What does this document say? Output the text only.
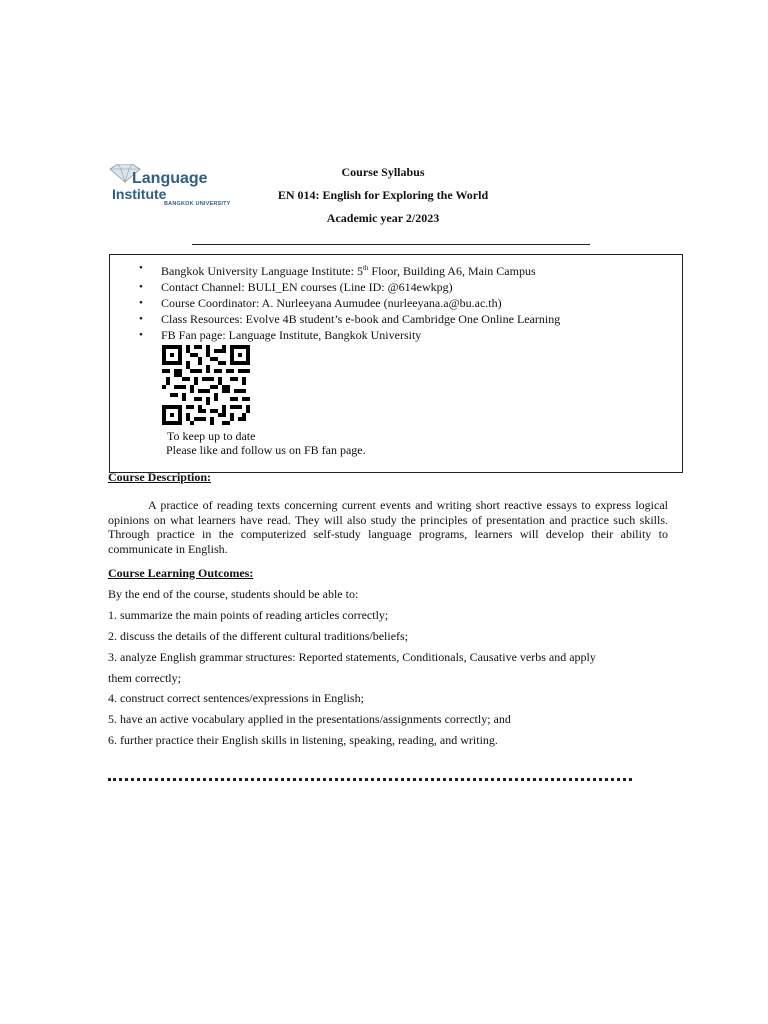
Language
Institute
BANGKOK UNIVERSITY
Course Syllabus
EN 014: English for Exploring the World
Academic year 2/2023
• Bangkok University Language Institute: 5th Floor, Building A6, Main Campus
• Contact Channel: BULI_EN courses (Line ID: @614ewkpg)
• Course Coordinator: A. Nurleeyana Aumudee (nurleeyana.a@bu.ac.th)
• Class Resources: Evolve 4B student’s e-book and Cambridge One Online Learning
• FB Fan page: Language Institute, Bangkok University
To keep up to date
Please like and follow us on FB fan page.
Course Description:
A practice of reading texts concerning current events and writing short reactive essays to express logical opinions on what learners have read. They will also study the principles of presentation and practice such skills. Through practice in the computerized self-study language programs, learners will develop their ability to communicate in English.
Course Learning Outcomes:
By the end of the course, students should be able to:
1. summarize the main points of reading articles correctly;
2. discuss the details of the different cultural traditions/beliefs;
3. analyze English grammar structures: Reported statements, Conditionals, Causative verbs and apply
them correctly;
4. construct correct sentences/expressions in English;
5. have an active vocabulary applied in the presentations/assignments correctly; and
6. further practice their English skills in listening, speaking, reading, and writing.
